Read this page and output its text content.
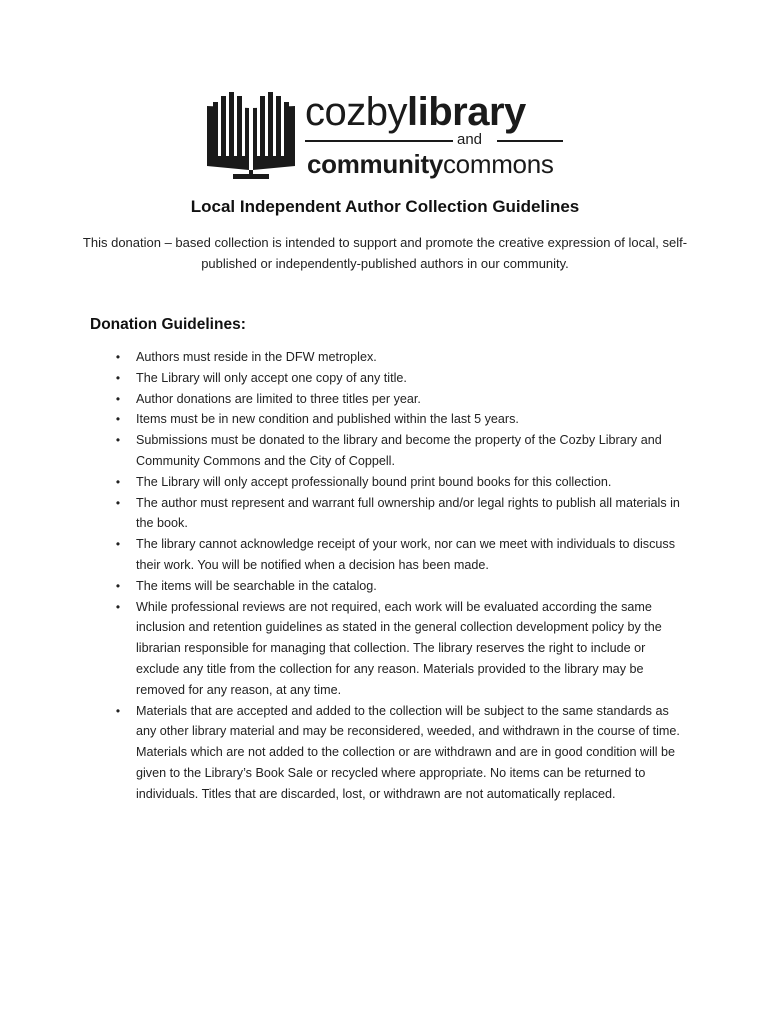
cozbylibrary
and
communitycommons
Local Independent Author Collection Guidelines
This donation – based collection is intended to support and promote the creative expression of local, self-published or independently-published authors in our community.
Donation Guidelines:
• Authors must reside in the DFW metroplex.
• The Library will only accept one copy of any title.
• Author donations are limited to three titles per year.
• Items must be in new condition and published within the last 5 years.
• Submissions must be donated to the library and become the property of the Cozby Library and Community Commons and the City of Coppell.
• The Library will only accept professionally bound print bound books for this collection.
• The author must represent and warrant full ownership and/or legal rights to publish all materials in the book.
• The library cannot acknowledge receipt of your work, nor can we meet with individuals to discuss their work. You will be notified when a decision has been made.
• The items will be searchable in the catalog.
• While professional reviews are not required, each work will be evaluated according the same inclusion and retention guidelines as stated in the general collection development policy by the librarian responsible for managing that collection. The library reserves the right to include or exclude any title from the collection for any reason. Materials provided to the library may be removed for any reason, at any time.
• Materials that are accepted and added to the collection will be subject to the same standards as any other library material and may be reconsidered, weeded, and withdrawn in the course of time. Materials which are not added to the collection or are withdrawn and are in good condition will be given to the Library’s Book Sale or recycled where appropriate. No items can be returned to individuals. Titles that are discarded, lost, or withdrawn are not automatically replaced.
